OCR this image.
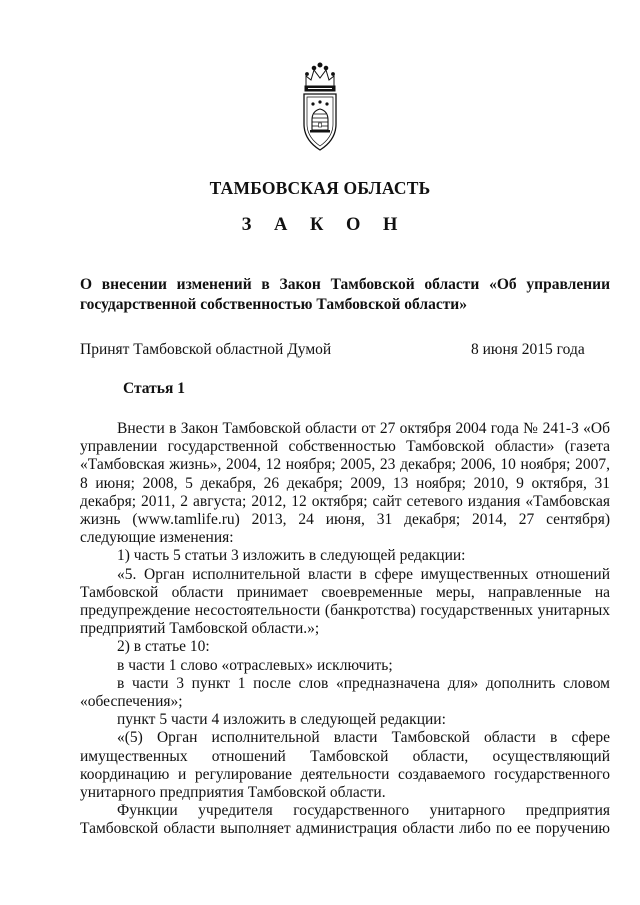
ТАМБОВСКАЯ ОБЛАСТЬ
З А К О Н
О внесении изменений в Закон Тамбовской области «Об управлении
государственной собственностью Тамбовской области»
Принят Тамбовской областной Думой	8 июня 2015 года
Статья 1
Внести в Закон Тамбовской области от 27 октября 2004 года № 241-З «Об
управлении государственной собственностью Тамбовской области» (газета
«Тамбовская жизнь», 2004, 12 ноября; 2005, 23 декабря; 2006, 10 ноября; 2007,
8 июня; 2008, 5 декабря, 26 декабря; 2009, 13 ноября; 2010, 9 октября, 31
декабря; 2011, 2 августа; 2012, 12 октября; сайт сетевого издания «Тамбовская
жизнь (www.tamlife.ru) 2013, 24 июня, 31 декабря; 2014, 27 сентября)
следующие изменения:
1) часть 5 статьи 3 изложить в следующей редакции:
«5. Орган исполнительной власти в сфере имущественных отношений
Тамбовской области принимает своевременные меры, направленные на
предупреждение несостоятельности (банкротства) государственных унитарных
предприятий Тамбовской области.»;
2) в статье 10:
в части 1 слово «отраслевых» исключить;
в части 3 пункт 1 после слов «предназначена для» дополнить словом
«обеспечения»;
пункт 5 части 4 изложить в следующей редакции:
«(5) Орган исполнительной власти Тамбовской области в сфере
имущественных отношений Тамбовской области, осуществляющий
координацию и регулирование деятельности создаваемого государственного
унитарного предприятия Тамбовской области.
Функции учредителя государственного унитарного предприятия
Тамбовской области выполняет администрация области либо по ее поручению
